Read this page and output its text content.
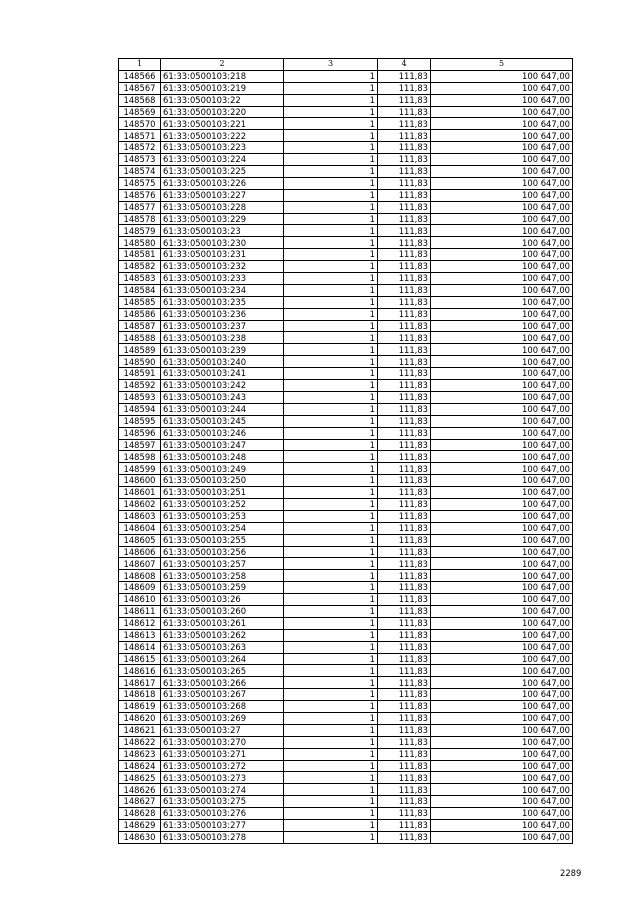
1	2	3	4	5
148566	61:33:0500103:218	1	111,83	100 647,00
148567	61:33:0500103:219	1	111,83	100 647,00
148568	61:33:0500103:22	1	111,83	100 647,00
148569	61:33:0500103:220	1	111,83	100 647,00
148570	61:33:0500103:221	1	111,83	100 647,00
148571	61:33:0500103:222	1	111,83	100 647,00
148572	61:33:0500103:223	1	111,83	100 647,00
148573	61:33:0500103:224	1	111,83	100 647,00
148574	61:33:0500103:225	1	111,83	100 647,00
148575	61:33:0500103:226	1	111,83	100 647,00
148576	61:33:0500103:227	1	111,83	100 647,00
148577	61:33:0500103:228	1	111,83	100 647,00
148578	61:33:0500103:229	1	111,83	100 647,00
148579	61:33:0500103:23	1	111,83	100 647,00
148580	61:33:0500103:230	1	111,83	100 647,00
148581	61:33:0500103:231	1	111,83	100 647,00
148582	61:33:0500103:232	1	111,83	100 647,00
148583	61:33:0500103:233	1	111,83	100 647,00
148584	61:33:0500103:234	1	111,83	100 647,00
148585	61:33:0500103:235	1	111,83	100 647,00
148586	61:33:0500103:236	1	111,83	100 647,00
148587	61:33:0500103:237	1	111,83	100 647,00
148588	61:33:0500103:238	1	111,83	100 647,00
148589	61:33:0500103:239	1	111,83	100 647,00
148590	61:33:0500103:240	1	111,83	100 647,00
148591	61:33:0500103:241	1	111,83	100 647,00
148592	61:33:0500103:242	1	111,83	100 647,00
148593	61:33:0500103:243	1	111,83	100 647,00
148594	61:33:0500103:244	1	111,83	100 647,00
148595	61:33:0500103:245	1	111,83	100 647,00
148596	61:33:0500103:246	1	111,83	100 647,00
148597	61:33:0500103:247	1	111,83	100 647,00
148598	61:33:0500103:248	1	111,83	100 647,00
148599	61:33:0500103:249	1	111,83	100 647,00
148600	61:33:0500103:250	1	111,83	100 647,00
148601	61:33:0500103:251	1	111,83	100 647,00
148602	61:33:0500103:252	1	111,83	100 647,00
148603	61:33:0500103:253	1	111,83	100 647,00
148604	61:33:0500103:254	1	111,83	100 647,00
148605	61:33:0500103:255	1	111,83	100 647,00
148606	61:33:0500103:256	1	111,83	100 647,00
148607	61:33:0500103:257	1	111,83	100 647,00
148608	61:33:0500103:258	1	111,83	100 647,00
148609	61:33:0500103:259	1	111,83	100 647,00
148610	61:33:0500103:26	1	111,83	100 647,00
148611	61:33:0500103:260	1	111,83	100 647,00
148612	61:33:0500103:261	1	111,83	100 647,00
148613	61:33:0500103:262	1	111,83	100 647,00
148614	61:33:0500103:263	1	111,83	100 647,00
148615	61:33:0500103:264	1	111,83	100 647,00
148616	61:33:0500103:265	1	111,83	100 647,00
148617	61:33:0500103:266	1	111,83	100 647,00
148618	61:33:0500103:267	1	111,83	100 647,00
148619	61:33:0500103:268	1	111,83	100 647,00
148620	61:33:0500103:269	1	111,83	100 647,00
148621	61:33:0500103:27	1	111,83	100 647,00
148622	61:33:0500103:270	1	111,83	100 647,00
148623	61:33:0500103:271	1	111,83	100 647,00
148624	61:33:0500103:272	1	111,83	100 647,00
148625	61:33:0500103:273	1	111,83	100 647,00
148626	61:33:0500103:274	1	111,83	100 647,00
148627	61:33:0500103:275	1	111,83	100 647,00
148628	61:33:0500103:276	1	111,83	100 647,00
148629	61:33:0500103:277	1	111,83	100 647,00
148630	61:33:0500103:278	1	111,83	100 647,00
2289
